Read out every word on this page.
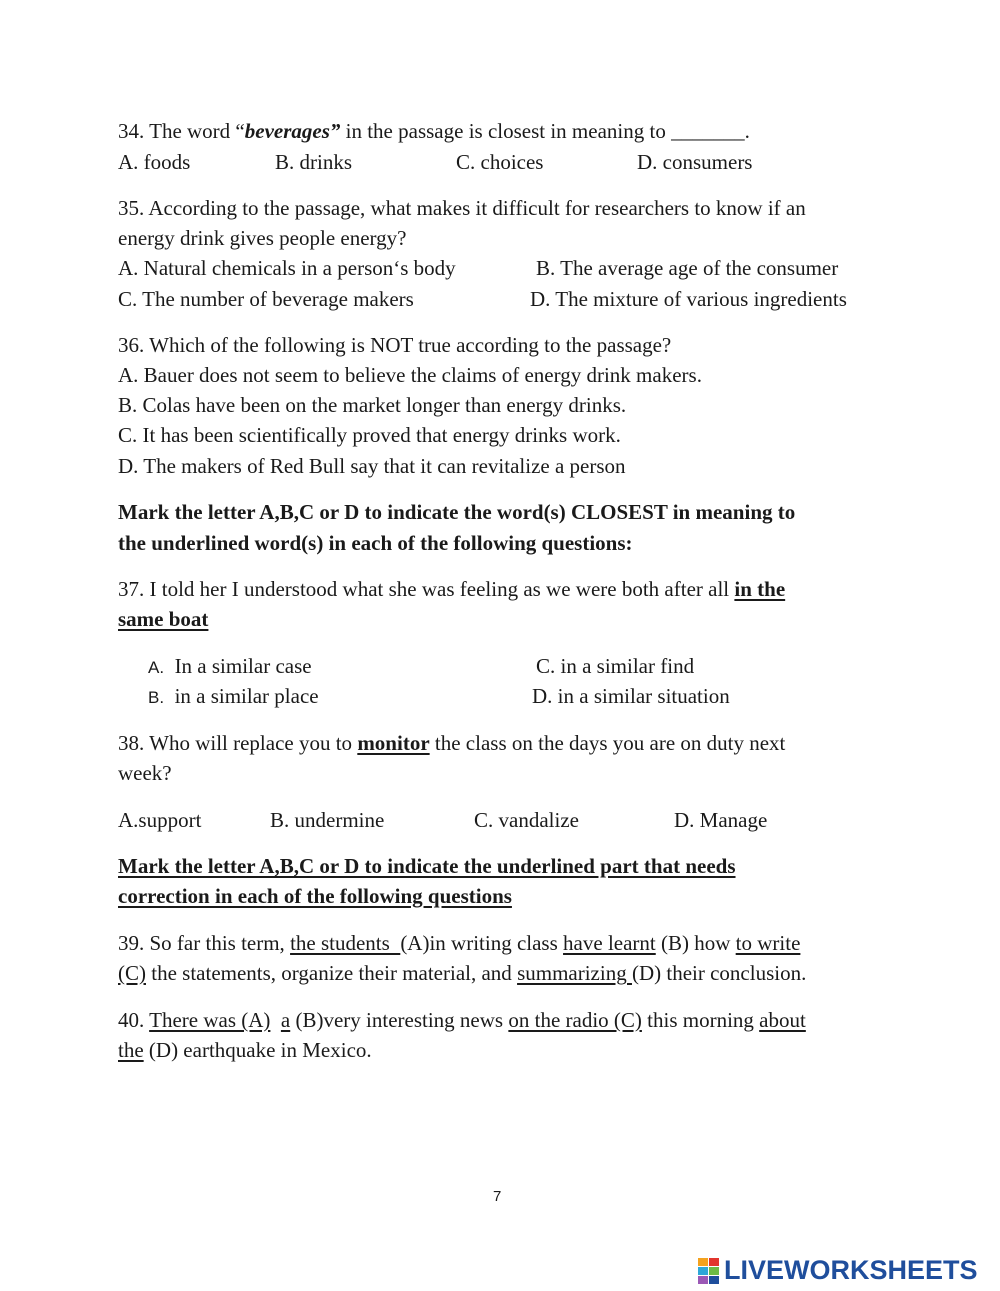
34. The word “beverages” in the passage is closest in meaning to _______.
A. foods	B. drinks	C. choices	D. consumers
35. According to the passage, what makes it difficult for researchers to know if an
energy drink gives people energy?
A. Natural chemicals in a person‘s body	B. The average age of the consumer
C. The number of beverage makers	D. The mixture of various ingredients
36. Which of the following is NOT true according to the passage?
A. Bauer does not seem to believe the claims of energy drink makers.
B. Colas have been on the market longer than energy drinks.
C. It has been scientifically proved that energy drinks work.
D. The makers of Red Bull say that it can revitalize a person
Mark the letter A,B,C or D to indicate the word(s) CLOSEST in meaning to
the underlined word(s) in each of the following questions:
37. I told her I understood what she was feeling as we were both after all in the
same boat
A. In a similar case	C. in a similar find
B. in a similar place	D. in a similar situation
38. Who will replace you to monitor the class on the days you are on duty next
week?
A.support	B. undermine	C. vandalize	D. Manage
Mark the letter A,B,C or D to indicate the underlined part that needs
correction in each of the following questions
39. So far this term, the students  (A)in writing class have learnt (B) how to write
(C) the statements, organize their material, and summarizing (D) their conclusion.
40. There was (A) a (B)very interesting news on the radio (C) this morning about
the (D) earthquake in Mexico.
7
LIVEWORKSHEETS
